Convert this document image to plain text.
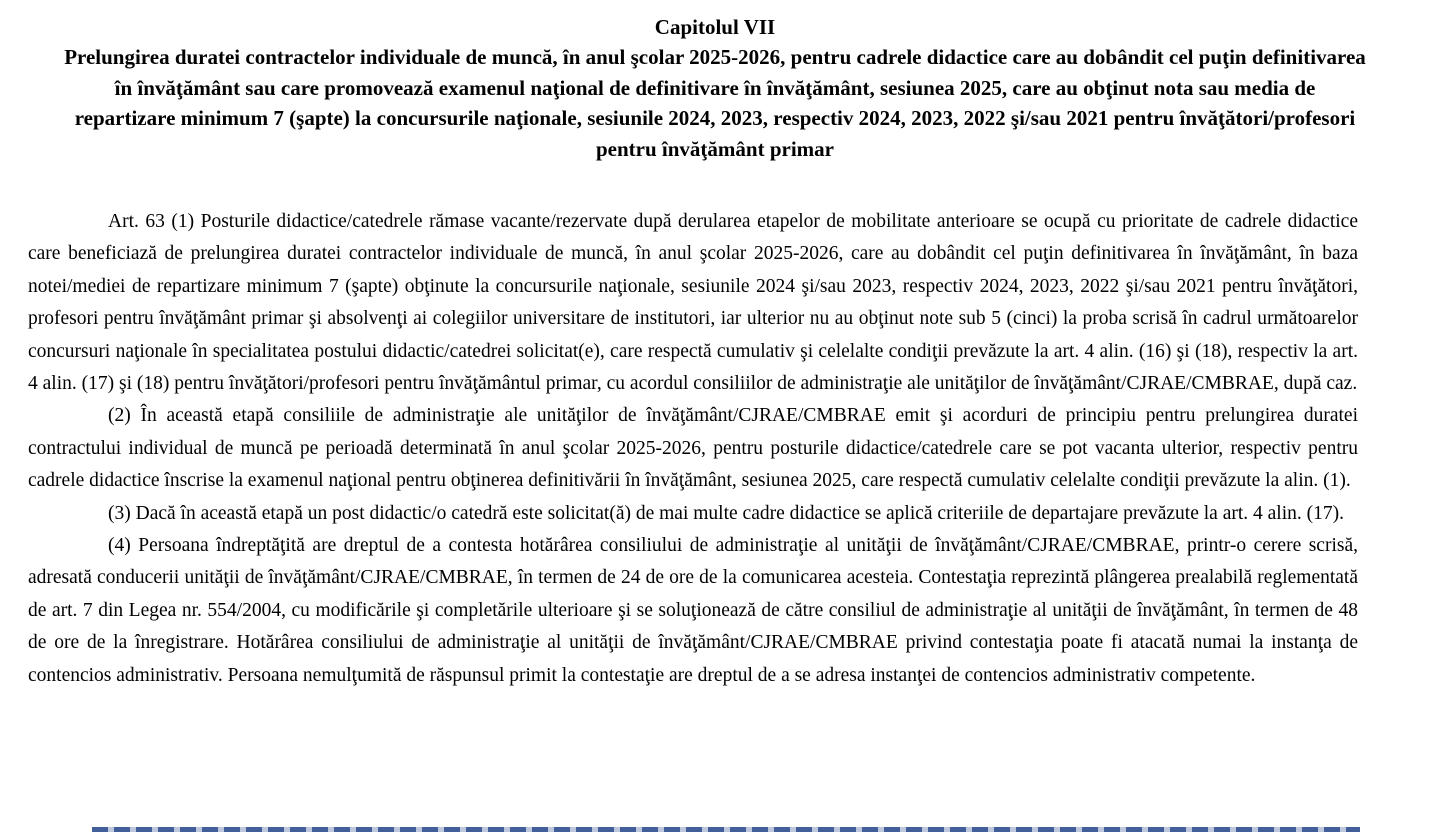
Capitolul VII
Prelungirea duratei contractelor individuale de muncă, în anul şcolar 2025-2026, pentru cadrele didactice care au dobândit cel puţin definitivarea în învăţământ sau care promovează examenul naţional de definitivare în învăţământ, sesiunea 2025, care au obţinut nota sau media de repartizare minimum 7 (şapte) la concursurile naţionale, sesiunile 2024, 2023, respectiv 2024, 2023, 2022 şi/sau 2021 pentru învăţători/profesori pentru învăţământ primar

Art. 63 (1) Posturile didactice/catedrele rămase vacante/rezervate după derularea etapelor de mobilitate anterioare se ocupă cu prioritate de cadrele didactice care beneficiază de prelungirea duratei contractelor individuale de muncă, în anul şcolar 2025-2026, care au dobândit cel puţin definitivarea în învăţământ, în baza notei/mediei de repartizare minimum 7 (şapte) obţinute la concursurile naţionale, sesiunile 2024 şi/sau 2023, respectiv 2024, 2023, 2022 şi/sau 2021 pentru învăţători, profesori pentru învăţământ primar şi absolvenţi ai colegiilor universitare de institutori, iar ulterior nu au obţinut note sub 5 (cinci) la proba scrisă în cadrul următoarelor concursuri naţionale în specialitatea postului didactic/catedrei solicitat(e), care respectă cumulativ şi celelalte condiţii prevăzute la art. 4 alin. (16) şi (18), respectiv la art. 4 alin. (17) şi (18) pentru învăţători/profesori pentru învăţământul primar, cu acordul consiliilor de administraţie ale unităţilor de învăţământ/CJRAE/CMBRAE, după caz.

(2) În această etapă consiliile de administraţie ale unităţilor de învăţământ/CJRAE/CMBRAE emit şi acorduri de principiu pentru prelungirea duratei contractului individual de muncă pe perioadă determinată în anul şcolar 2025-2026, pentru posturile didactice/catedrele care se pot vacanta ulterior, respectiv pentru cadrele didactice înscrise la examenul naţional pentru obţinerea definitivării în învăţământ, sesiunea 2025, care respectă cumulativ celelalte condiţii prevăzute la alin. (1).

(3) Dacă în această etapă un post didactic/o catedră este solicitat(ă) de mai multe cadre didactice se aplică criteriile de departajare prevăzute la art. 4 alin. (17).

(4) Persoana îndreptăţită are dreptul de a contesta hotărârea consiliului de administraţie al unităţii de învăţământ/CJRAE/CMBRAE, printr-o cerere scrisă, adresată conducerii unităţii de învăţământ/CJRAE/CMBRAE, în termen de 24 de ore de la comunicarea acesteia. Contestaţia reprezintă plângerea prealabilă reglementată de art. 7 din Legea nr. 554/2004, cu modificările şi completările ulterioare şi se soluţionează de către consiliul de administraţie al unităţii de învăţământ, în termen de 48 de ore de la înregistrare. Hotărârea consiliului de administraţie al unităţii de învăţământ/CJRAE/CMBRAE privind contestaţia poate fi atacată numai la instanţa de contencios administrativ. Persoana nemulţumită de răspunsul primit la contestaţie are dreptul de a se adresa instanţei de contencios administrativ competente.
